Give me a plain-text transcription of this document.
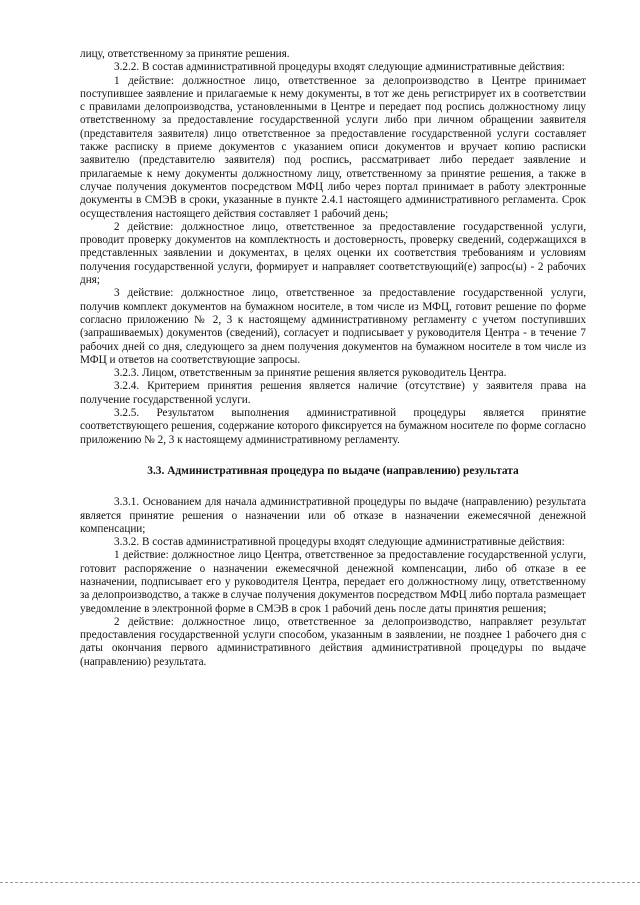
лицу, ответственному за принятие решения.

3.2.2. В состав административной процедуры входят следующие административные действия:

1 действие: должностное лицо, ответственное за делопроизводство в Центре принимает поступившее заявление и прилагаемые к нему документы, в тот же день регистрирует их в соответствии с правилами делопроизводства, установленными в Центре и передает под роспись должностному лицу ответственному за предоставление государственной услуги либо при личном обращении заявителя (представителя заявителя) лицо ответственное за предоставление государственной услуги составляет также расписку в приеме документов с указанием описи документов и вручает копию расписки заявителю (представителю заявителя) под роспись, рассматривает либо передает заявление и прилагаемые к нему документы должностному лицу, ответственному за принятие решения, а также в случае получения документов посредством МФЦ либо через портал принимает в работу электронные документы в СМЭВ в сроки, указанные в пункте 2.4.1 настоящего административного регламента. Срок осуществления настоящего действия составляет 1 рабочий день;

2 действие: должностное лицо, ответственное за предоставление государственной услуги, проводит проверку документов на комплектность и достоверность, проверку сведений, содержащихся в представленных заявлении и документах, в целях оценки их соответствия требованиям и условиям получения государственной услуги, формирует и направляет соответствующий(е) запрос(ы) - 2 рабочих дня;

3 действие: должностное лицо, ответственное за предоставление государственной услуги, получив комплект документов на бумажном носителе, в том числе из МФЦ, готовит решение по форме согласно приложению № 2, 3 к настоящему административному регламенту с учетом поступивших (запрашиваемых) документов (сведений), согласует и подписывает у руководителя Центра - в течение 7 рабочих дней со дня, следующего за днем получения документов на бумажном носителе в том числе из МФЦ и ответов на соответствующие запросы.

3.2.3. Лицом, ответственным за принятие решения является руководитель Центра.

3.2.4. Критерием принятия решения является наличие (отсутствие) у заявителя права на получение государственной услуги.

3.2.5. Результатом выполнения административной процедуры является принятие соответствующего решения, содержание которого фиксируется на бумажном носителе по форме согласно приложению № 2, 3 к настоящему административному регламенту.

3.3. Административная процедура по выдаче (направлению) результата

3.3.1. Основанием для начала административной процедуры по выдаче (направлению) результата является принятие решения о назначении или об отказе в назначении ежемесячной денежной компенсации;

3.3.2. В состав административной процедуры входят следующие административные действия:

1 действие: должностное лицо Центра, ответственное за предоставление государственной услуги, готовит распоряжение о назначении ежемесячной денежной компенсации, либо об отказе в ее назначении, подписывает его у руководителя Центра, передает его должностному лицу, ответственному за делопроизводство, а также в случае получения документов посредством МФЦ либо портала размещает уведомление в электронной форме в СМЭВ в срок 1 рабочий день после даты принятия решения;

2 действие: должностное лицо, ответственное за делопроизводство, направляет результат предоставления государственной услуги способом, указанным в заявлении, не позднее 1 рабочего дня с даты окончания первого административного действия административной процедуры по выдаче (направлению) результата.
